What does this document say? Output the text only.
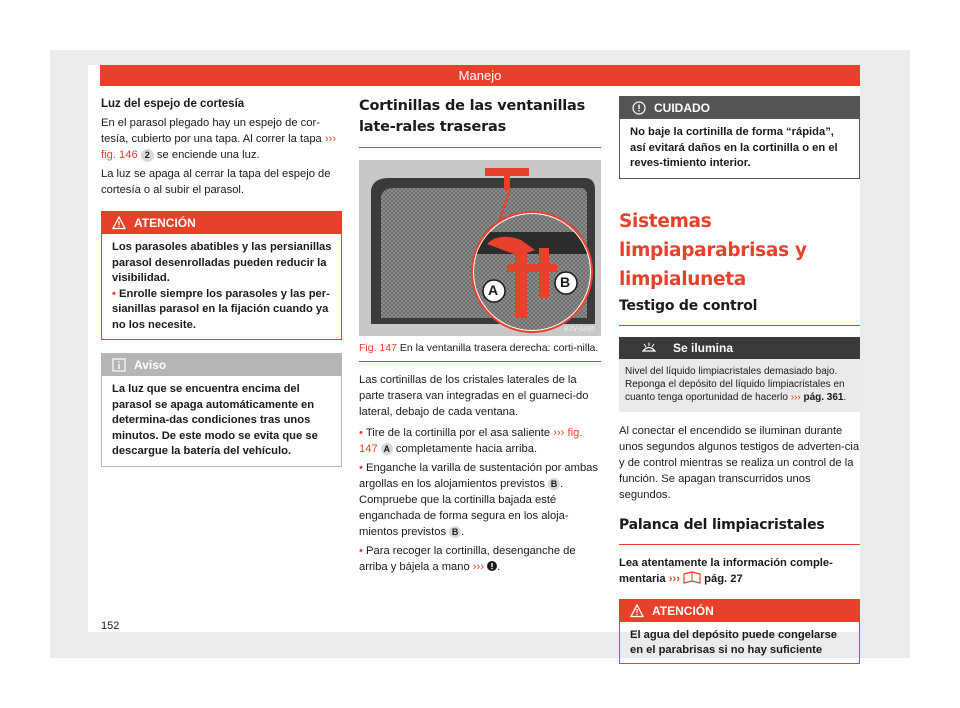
Manejo

Luz del espejo de cortesía

En el parasol plegado hay un espejo de cor-tesía, cubierto por una tapa. Al correr la tapa ››› fig. 146 2 se enciende una luz.

La luz se apaga al cerrar la tapa del espejo de cortesía o al subir el parasol.

ATENCIÓN

Los parasoles abatibles y las persianillas parasol desenrolladas pueden reducir la visibilidad.

• Enrolle siempre los parasoles y las per-sianillas parasol en la fijación cuando ya no los necesite.

Aviso

La luz que se encuentra encima del parasol se apaga automáticamente en determina-das condiciones tras unos minutos. De este modo se evita que se descargue la batería del vehículo.

Cortinillas de las ventanillas late-rales traseras
A	B
B7V-0895

Fig. 147 En la ventanilla trasera derecha: corti-nilla.

Las cortinillas de los cristales laterales de la parte trasera van integradas en el guarneci-do lateral, debajo de cada ventana.

• Tire de la cortinilla por el asa saliente ››› fig. 147 A completamente hacia arriba.

• Enganche la varilla de sustentación por ambas argollas en los alojamientos previstos B . Compruebe que la cortinilla bajada esté enganchada de forma segura en los aloja-mientos previstos B .

• Para recoger la cortinilla, desenganche de arriba y bájela a mano ››› .

CUIDADO

No baje la cortinilla de forma “rápida”, así evitará daños en la cortinilla o en el reves-timiento interior.

Sistemas limpiaparabrisas y limpialuneta
Testigo de control
Se ilumina

Nivel del líquido limpiacristales demasiado bajo. Reponga el depósito del líquido limpiacristales en cuanto tenga oportunidad de hacerlo ››› pág. 361.

Al conectar el encendido se iluminan durante unos segundos algunos testigos de adverten-cia y de control mientras se realiza un control de la función. Se apagan transcurridos unos segundos.

Palanca del limpiacristales

Lea atentamente la información comple-mentaria ››› pág. 27

ATENCIÓN

El agua del depósito puede congelarse en el parabrisas si no hay suficiente

152
